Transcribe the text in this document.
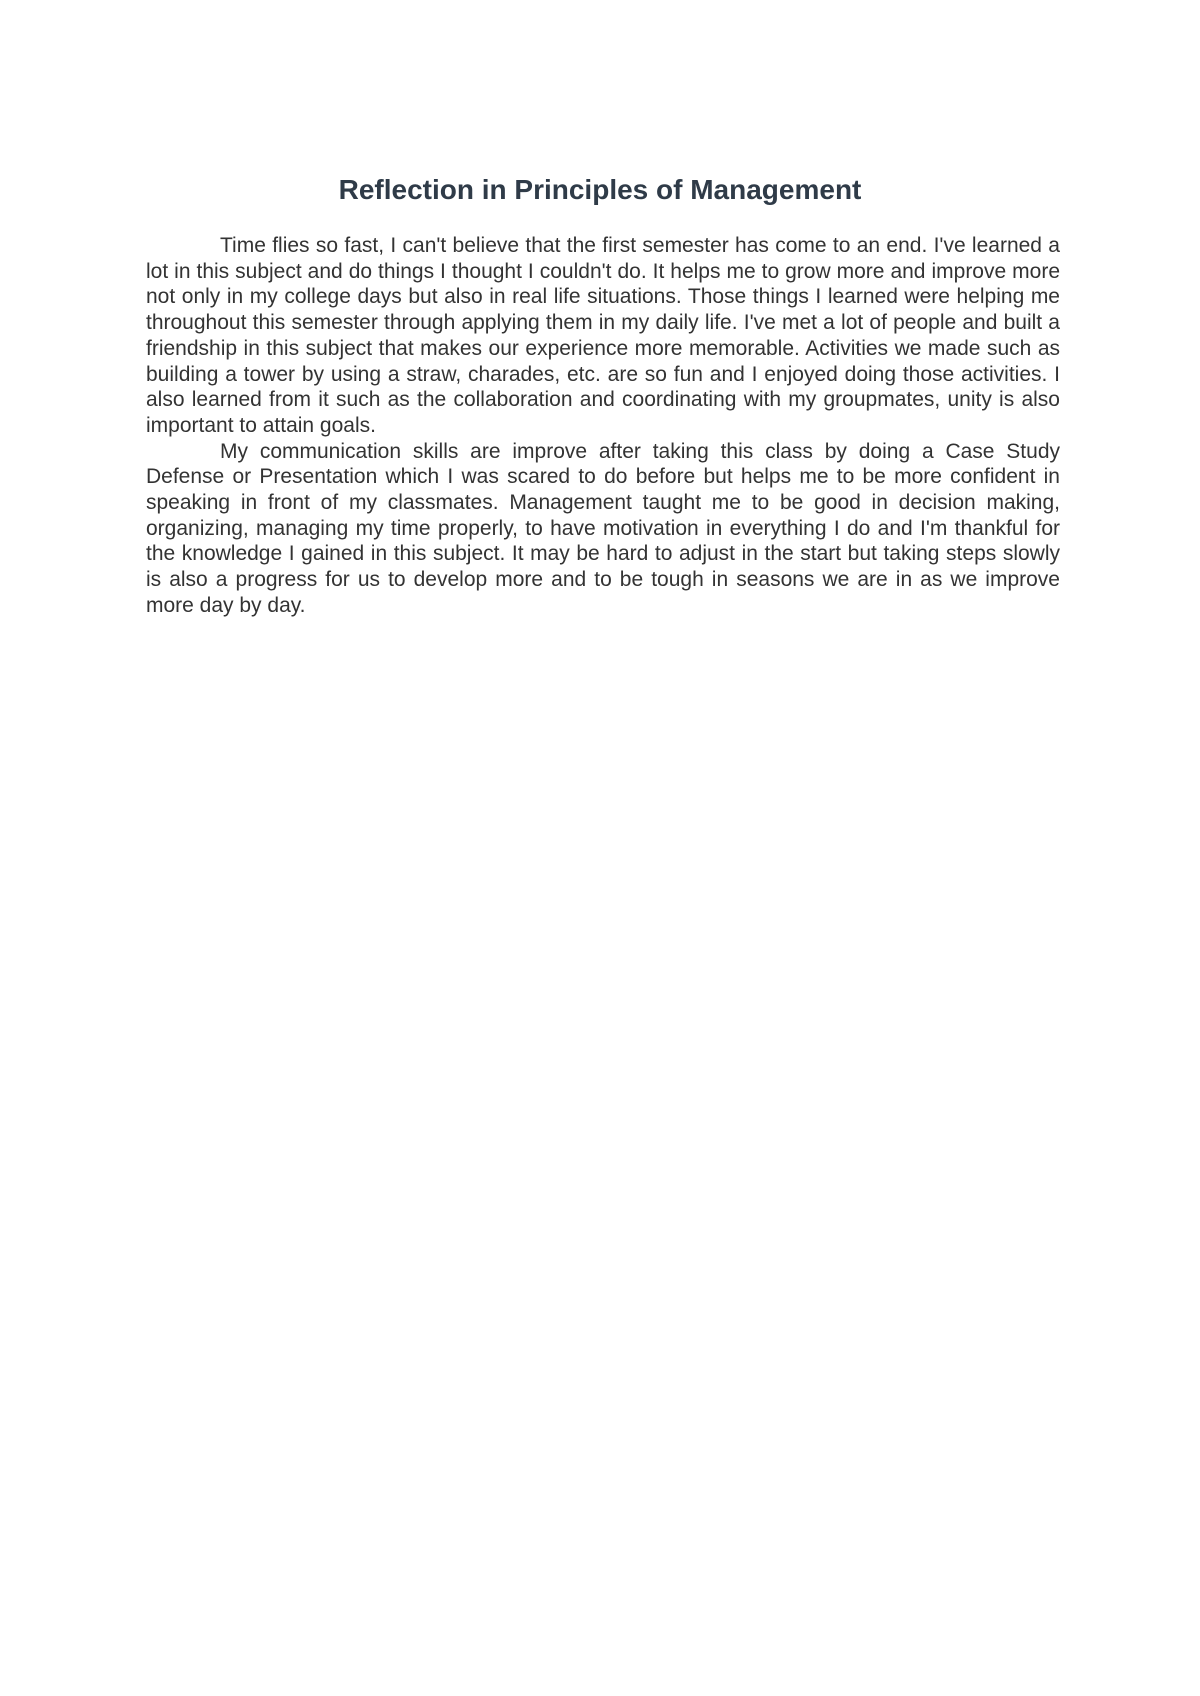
Reflection in Principles of Management

Time flies so fast, I can't believe that the first semester has come to an end. I've learned a lot in this subject and do things I thought I couldn't do. It helps me to grow more and improve more not only in my college days but also in real life situations. Those things I learned were helping me throughout this semester through applying them in my daily life. I've met a lot of people and built a friendship in this subject that makes our experience more memorable. Activities we made such as building a tower by using a straw, charades, etc. are so fun and I enjoyed doing those activities. I also learned from it such as the collaboration and coordinating with my groupmates, unity is also important to attain goals.

My communication skills are improve after taking this class by doing a Case Study Defense or Presentation which I was scared to do before but helps me to be more confident in speaking in front of my classmates. Management taught me to be good in decision making, organizing, managing my time properly, to have motivation in everything I do and I'm thankful for the knowledge I gained in this subject. It may be hard to adjust in the start but taking steps slowly is also a progress for us to develop more and to be tough in seasons we are in as we improve more day by day.
